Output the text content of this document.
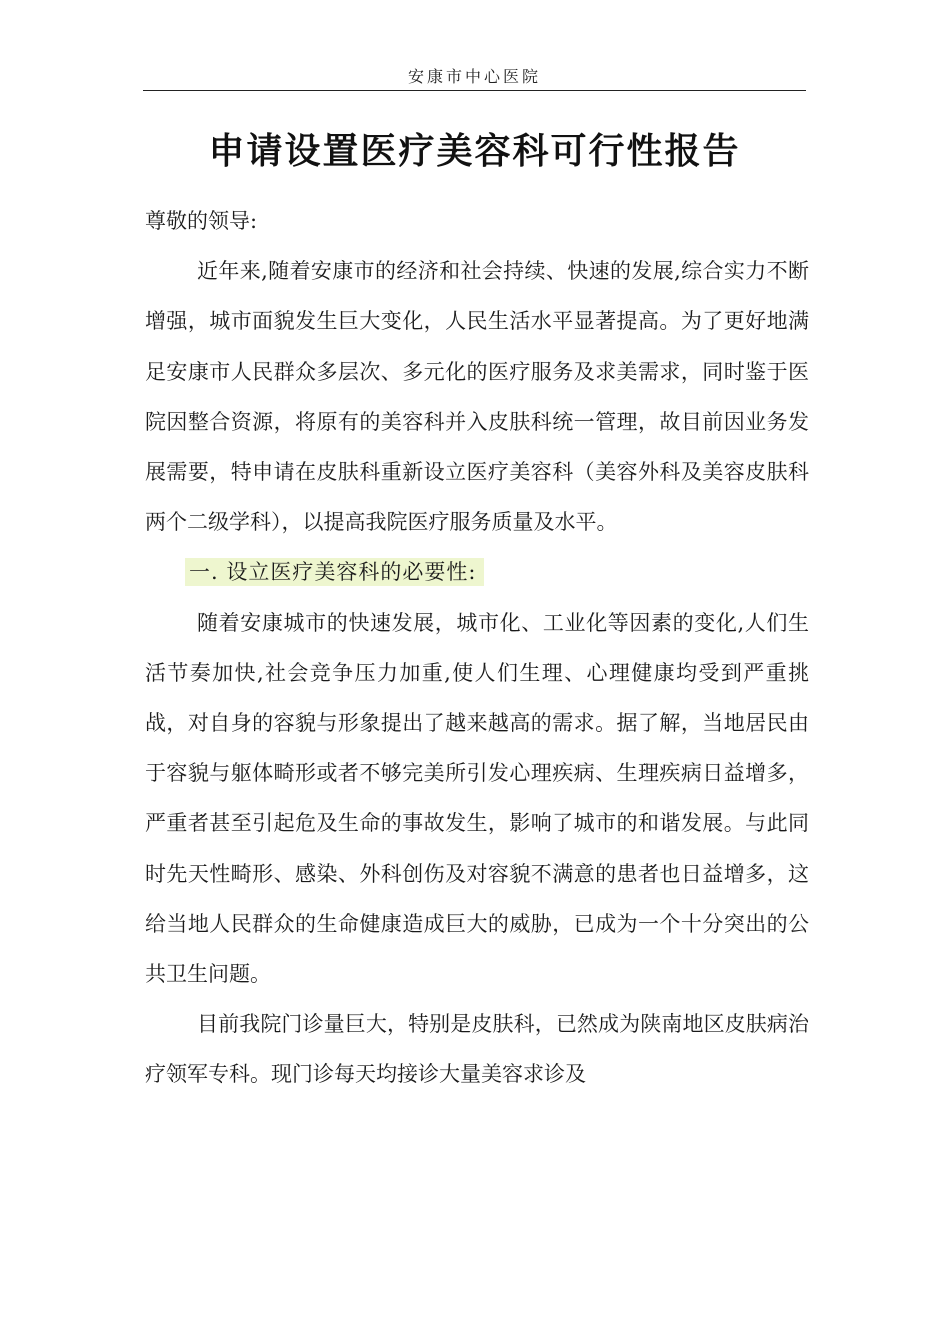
安康市中心医院
申请设置医疗美容科可行性报告

尊敬的领导:

近年来,随着安康市的经济和社会持续、快速的发展,综合实力不断增强，城市面貌发生巨大变化，人民生活水平显著提高。为了更好地满足安康市人民群众多层次、多元化的医疗服务及求美需求，同时鉴于医院因整合资源，将原有的美容科并入皮肤科统一管理，故目前因业务发展需要，特申请在皮肤科重新设立医疗美容科（美容外科及美容皮肤科两个二级学科），以提高我院医疗服务质量及水平。

一. 设立医疗美容科的必要性:

随着安康城市的快速发展，城市化、工业化等因素的变化,人们生活节奏加快,社会竞争压力加重,使人们生理、心理健康均受到严重挑战，对自身的容貌与形象提出了越来越高的需求。据了解，当地居民由于容貌与躯体畸形或者不够完美所引发心理疾病、生理疾病日益增多，严重者甚至引起危及生命的事故发生，影响了城市的和谐发展。与此同时先天性畸形、感染、外科创伤及对容貌不满意的患者也日益增多，这给当地人民群众的生命健康造成巨大的威胁，已成为一个十分突出的公共卫生问题。

目前我院门诊量巨大，特别是皮肤科，已然成为陕南地区皮肤病治疗领军专科。现门诊每天均接诊大量美容求诊及
